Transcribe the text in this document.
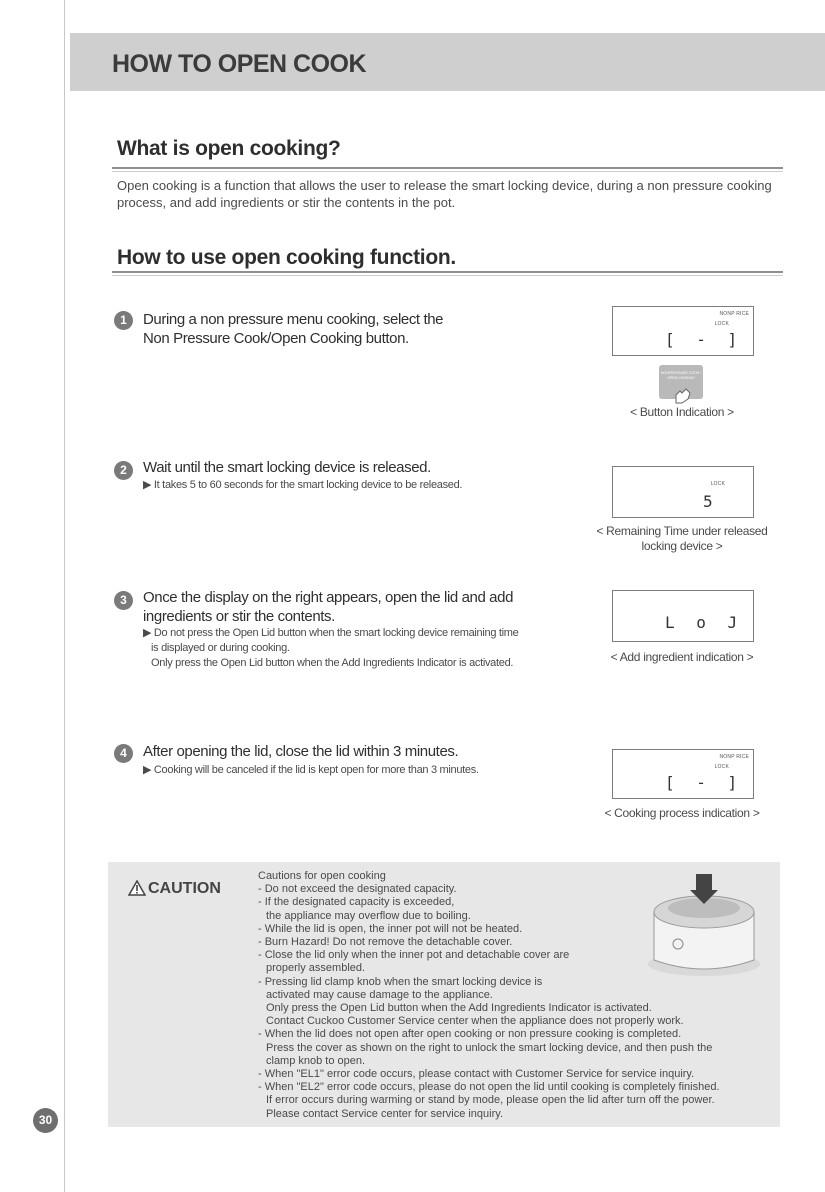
HOW TO OPEN COOK
What is open cooking?
Open cooking is a function that allows the user to release the smart locking device, during a non pressure cooking
process, and add ingredients or stir the contents in the pot.
How to use open cooking function.
1	During a non pressure menu cooking, select the
Non Pressure Cook/Open Cooking button.
2	Wait until the smart locking device is released.
▶ It takes 5 to 60 seconds for the smart locking device to be released.
3	Once the display on the right appears, open the lid and add
ingredients or stir the contents.
▶ Do not press the Open Lid button when the smart locking device remaining time
is displayed or during cooking.
Only press the Open Lid button when the Add Ingredients Indicator is activated.
4	After opening the lid, close the lid within 3 minutes.
▶ Cooking will be canceled if the lid is kept open for more than 3 minutes.
NONP RICE
LOCK
[ - ]
NONPRESSURE COOK / OPEN COOKING
< Button Indication >
LOCK
5
< Remaining Time under released
locking device >
L o J
< Add ingredient indication >
NONP RICE
LOCK
[ - ]
< Cooking process indication >
CAUTION
Cautions for open cooking
- Do not exceed the designated capacity.
- If the designated capacity is exceeded,
the appliance may overflow due to boiling.
- While the lid is open, the inner pot will not be heated.
- Burn Hazard! Do not remove the detachable cover.
- Close the lid only when the inner pot and detachable cover are
properly assembled.
- Pressing lid clamp knob when the smart locking device is
activated may cause damage to the appliance.
Only press the Open Lid button when the Add Ingredients Indicator is activated.
Contact Cuckoo Customer Service center when the appliance does not properly work.
- When the lid does not open after open cooking or non pressure cooking is completed.
Press the cover as shown on the right to unlock the smart locking device, and then push the
clamp knob to open.
- When "EL1" error code occurs, please contact with Customer Service for service inquiry.
- When "EL2" error code occurs, please do not open the lid until cooking is completely finished.
If error occurs during warming or stand by mode, please open the lid after turn off the power.
Please contact Service center for service inquiry.
30
